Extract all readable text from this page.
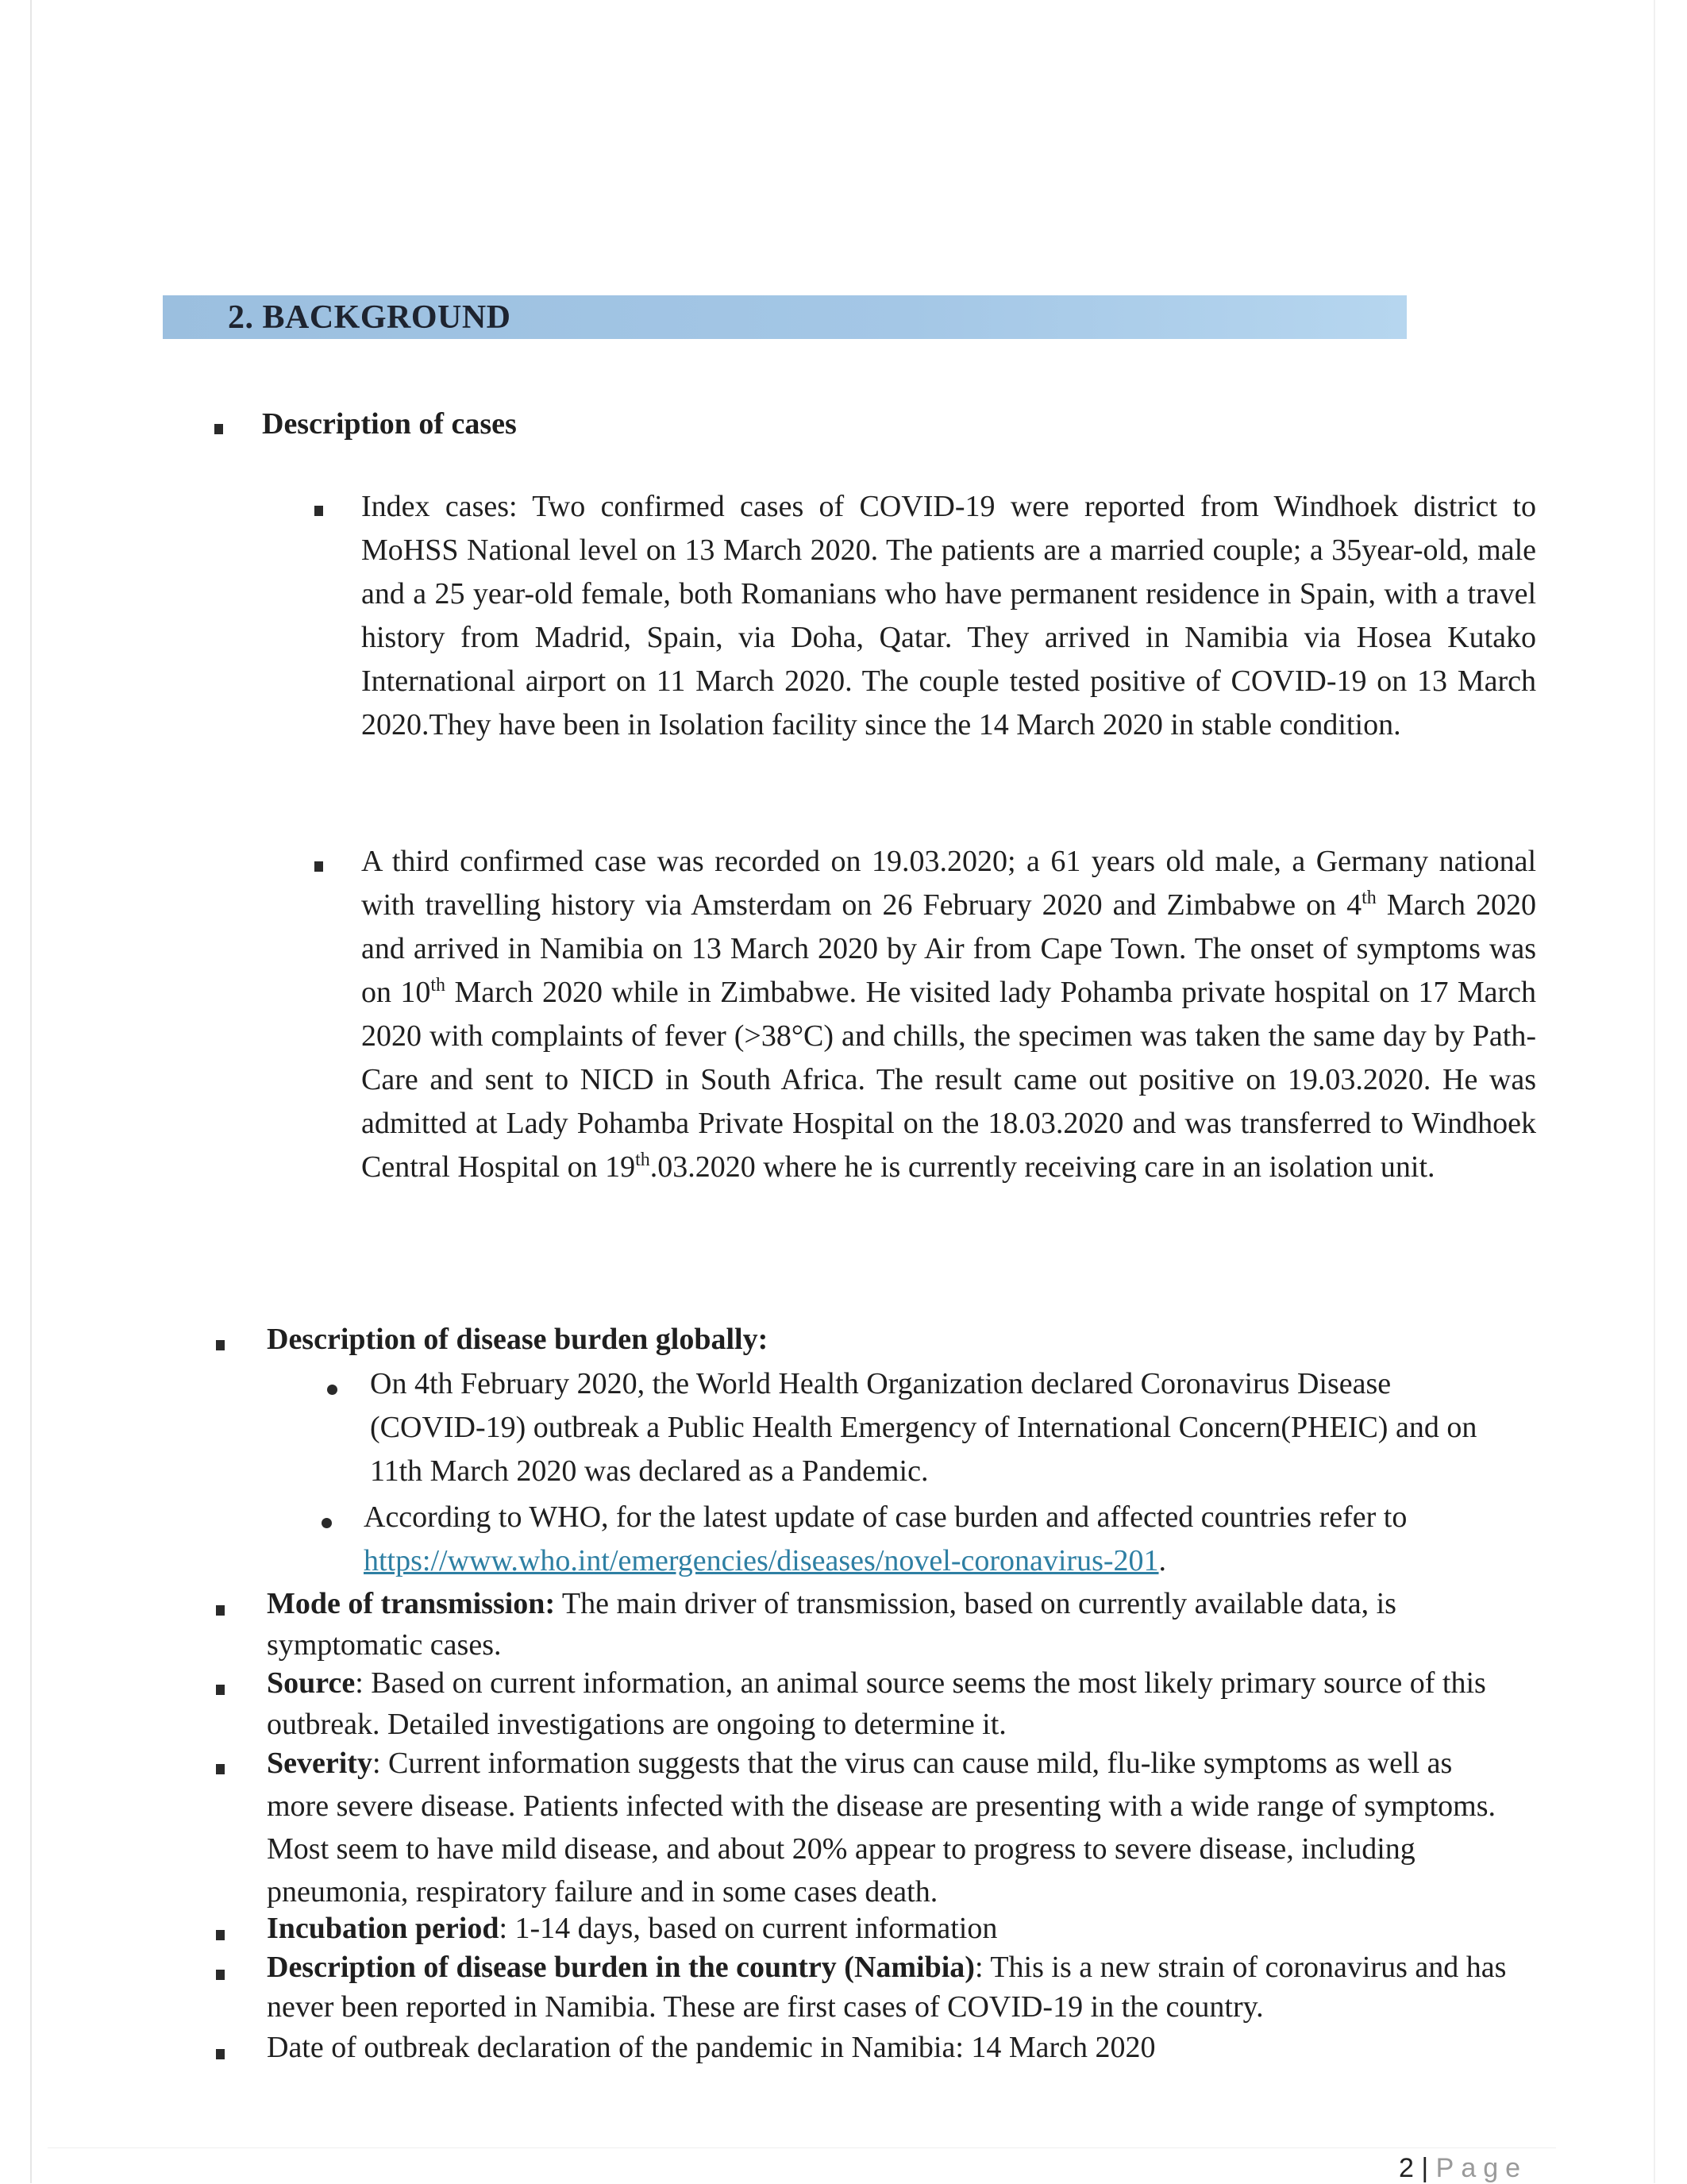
2. BACKGROUND
Description of cases
Index cases: Two confirmed cases of COVID-19 were reported from Windhoek district to MoHSS National level on 13 March 2020. The patients are a married couple; a 35year-old, male and a 25 year-old female, both Romanians who have permanent residence in Spain, with a travel history from Madrid, Spain, via Doha, Qatar. They arrived in Namibia via Hosea Kutako International airport on 11 March 2020. The couple tested positive of COVID-19 on 13 March 2020.They have been in Isolation facility since the 14 March 2020 in stable condition.
A third confirmed case was recorded on 19.03.2020; a 61 years old male, a Germany national with travelling history via Amsterdam on 26 February 2020 and Zimbabwe on 4th March 2020 and arrived in Namibia on 13 March 2020 by Air from Cape Town. The onset of symptoms was on 10th March 2020 while in Zimbabwe. He visited lady Pohamba private hospital on 17 March 2020 with complaints of fever (>38°C) and chills, the specimen was taken the same day by Path-Care and sent to NICD in South Africa. The result came out positive on 19.03.2020. He was admitted at Lady Pohamba Private Hospital on the 18.03.2020 and was transferred to Windhoek Central Hospital on 19th.03.2020 where he is currently receiving care in an isolation unit.
Description of disease burden globally:
On 4th February 2020, the World Health Organization declared Coronavirus Disease (COVID-19) outbreak a Public Health Emergency of International Concern(PHEIC) and on 11th March 2020 was declared as a Pandemic.
According to WHO, for the latest update of case burden and affected countries refer to
https://www.who.int/emergencies/diseases/novel-coronavirus-201.
Mode of transmission: The main driver of transmission, based on currently available data, is symptomatic cases.
Source: Based on current information, an animal source seems the most likely primary source of this outbreak. Detailed investigations are ongoing to determine it.
Severity: Current information suggests that the virus can cause mild, flu-like symptoms as well as more severe disease. Patients infected with the disease are presenting with a wide range of symptoms. Most seem to have mild disease, and about 20% appear to progress to severe disease, including pneumonia, respiratory failure and in some cases death.
Incubation period: 1-14 days, based on current information
Description of disease burden in the country (Namibia): This is a new strain of coronavirus and has never been reported in Namibia. These are first cases of COVID-19 in the country.
Date of outbreak declaration of the pandemic in Namibia: 14 March 2020
2 | Page
